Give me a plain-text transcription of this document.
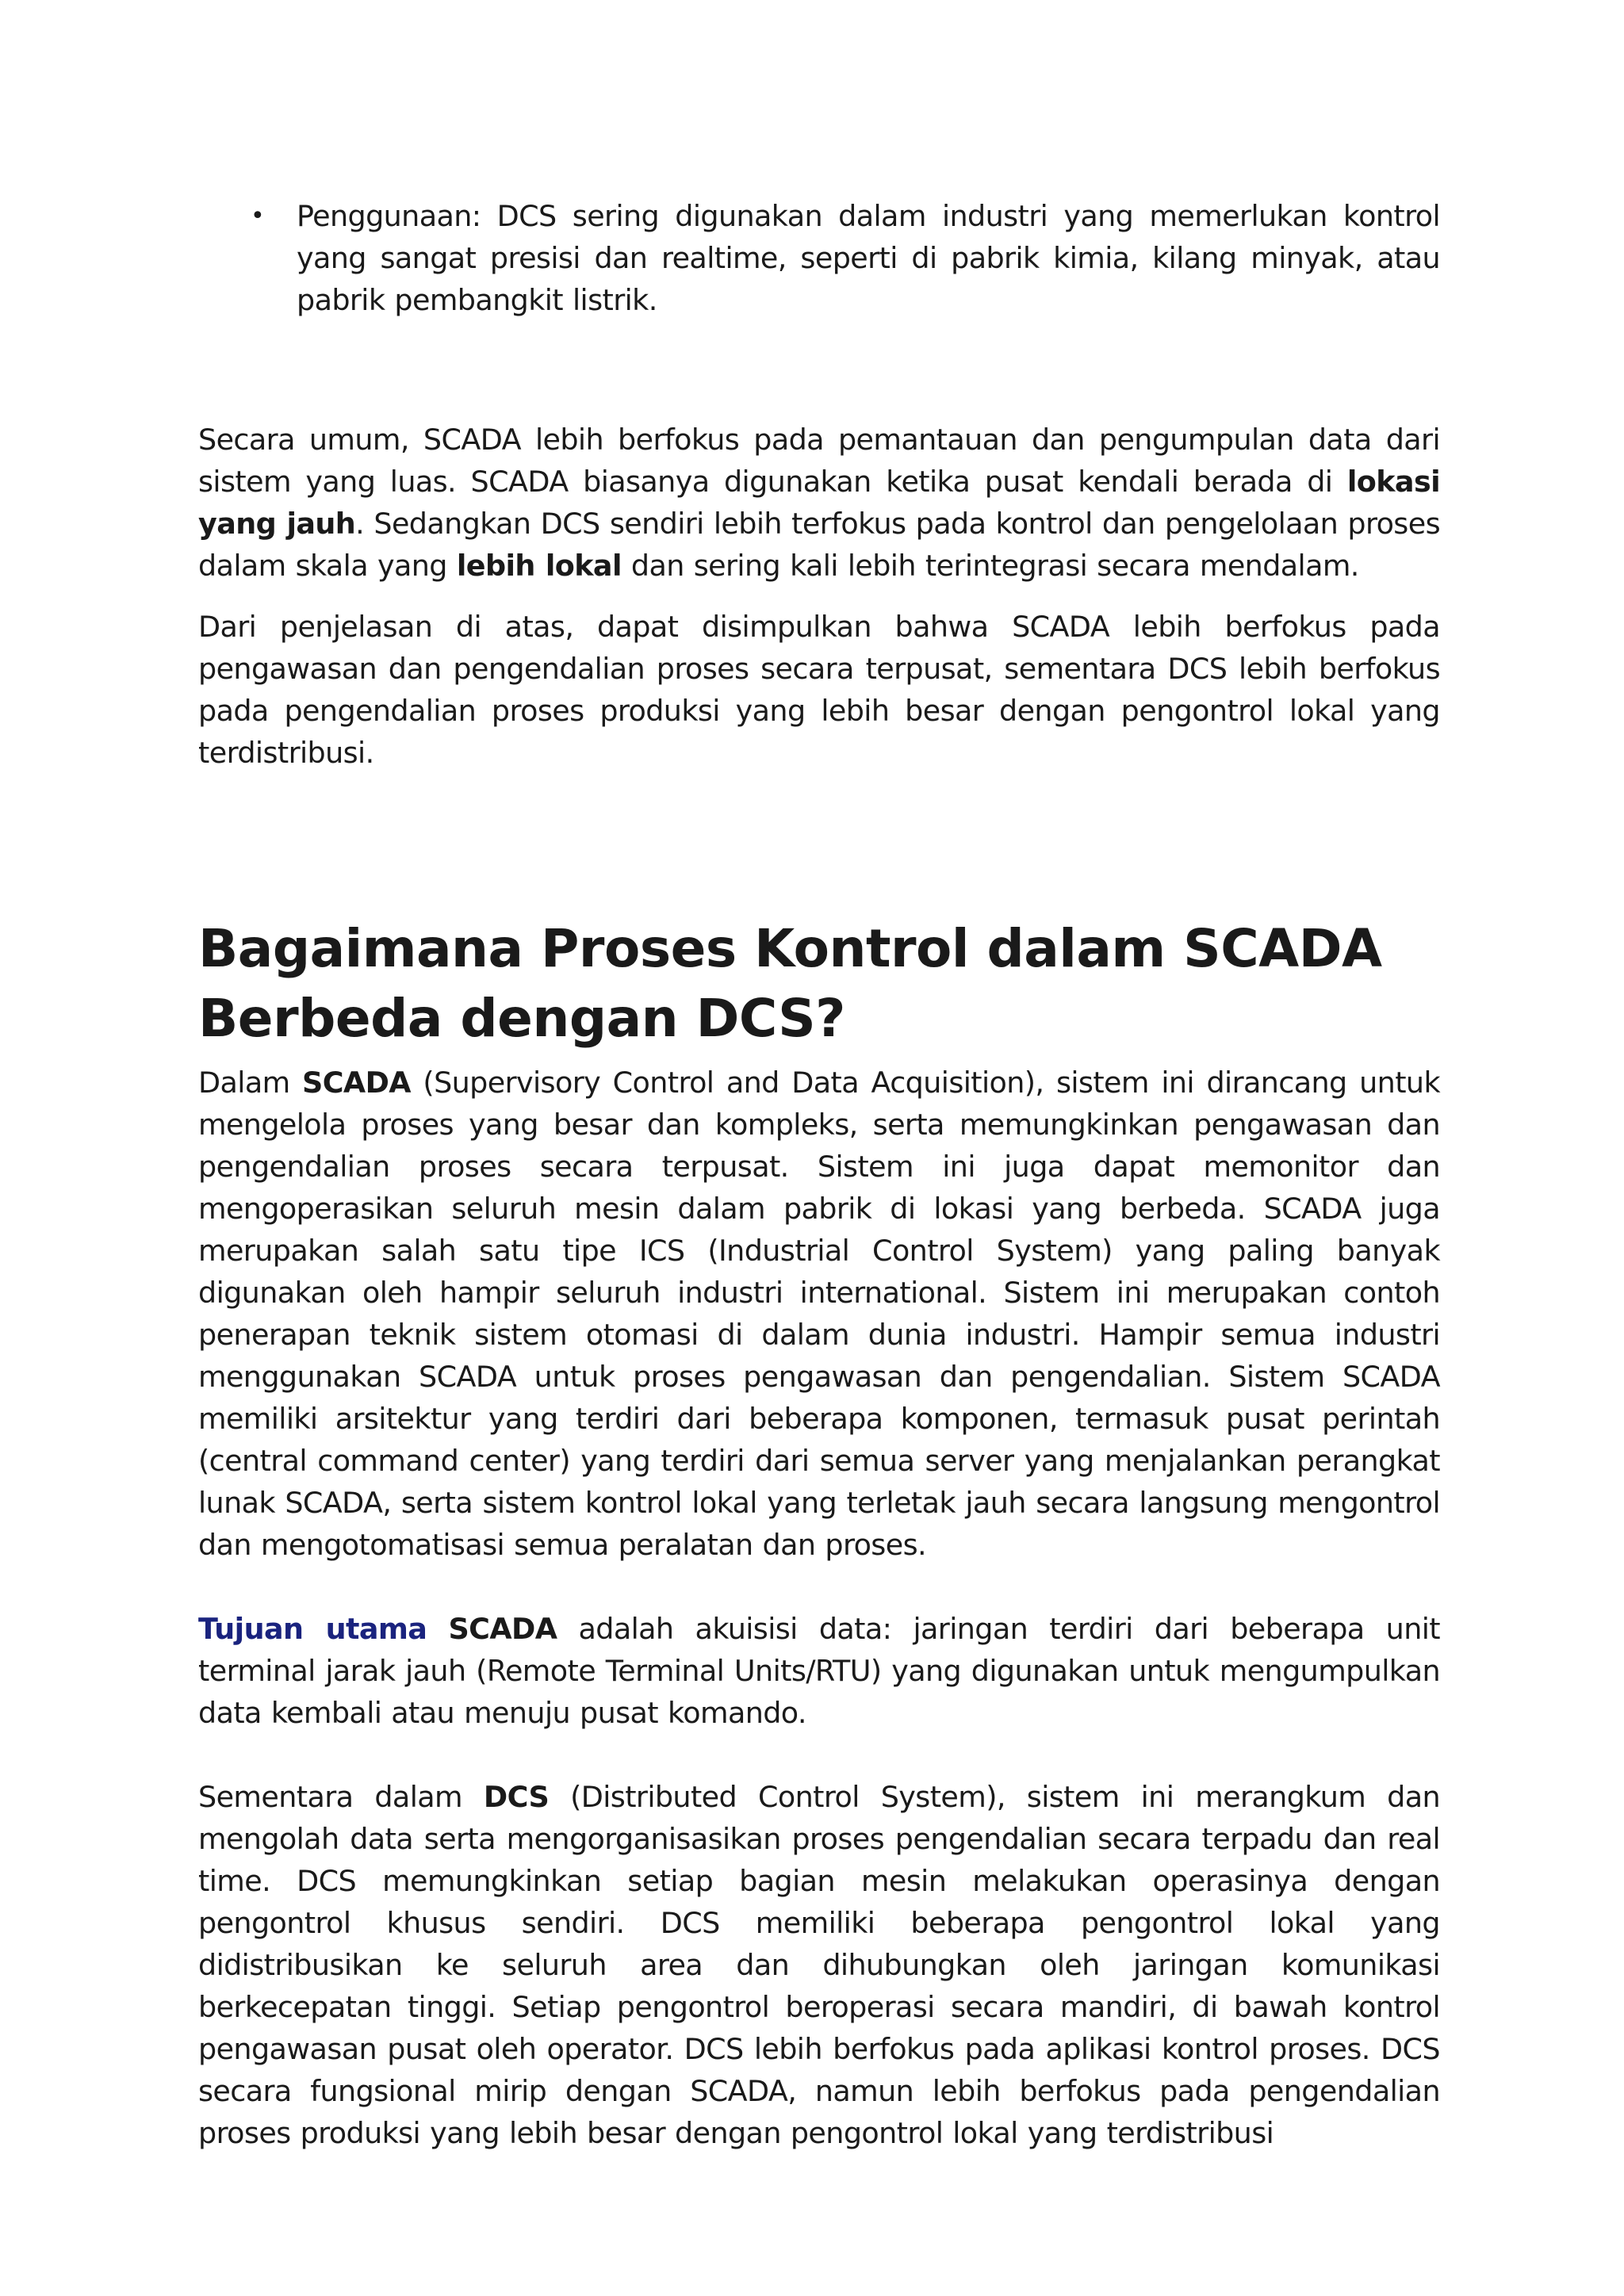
• Penggunaan: DCS sering digunakan dalam industri yang memerlukan kontrol yang sangat presisi dan realtime, seperti di pabrik kimia, kilang minyak, atau pabrik pembangkit listrik.

Secara umum, SCADA lebih berfokus pada pemantauan dan pengumpulan data dari sistem yang luas. SCADA biasanya digunakan ketika pusat kendali berada di lokasi yang jauh. Sedangkan DCS sendiri lebih terfokus pada kontrol dan pengelolaan proses dalam skala yang lebih lokal dan sering kali lebih terintegrasi secara mendalam.

Dari penjelasan di atas, dapat disimpulkan bahwa SCADA lebih berfokus pada pengawasan dan pengendalian proses secara terpusat, sementara DCS lebih berfokus pada pengendalian proses produksi yang lebih besar dengan pengontrol lokal yang terdistribusi.

Bagaimana Proses Kontrol dalam SCADA Berbeda dengan DCS?

Dalam SCADA (Supervisory Control and Data Acquisition), sistem ini dirancang untuk mengelola proses yang besar dan kompleks, serta memungkinkan pengawasan dan pengendalian proses secara terpusat. Sistem ini juga dapat memonitor dan mengoperasikan seluruh mesin dalam pabrik di lokasi yang berbeda. SCADA juga merupakan salah satu tipe ICS (Industrial Control System) yang paling banyak digunakan oleh hampir seluruh industri international. Sistem ini merupakan contoh penerapan teknik sistem otomasi di dalam dunia industri. Hampir semua industri menggunakan SCADA untuk proses pengawasan dan pengendalian. Sistem SCADA memiliki arsitektur yang terdiri dari beberapa komponen, termasuk pusat perintah (central command center) yang terdiri dari semua server yang menjalankan perangkat lunak SCADA, serta sistem kontrol lokal yang terletak jauh secara langsung mengontrol dan mengotomatisasi semua peralatan dan proses.

Tujuan utama SCADA adalah akuisisi data: jaringan terdiri dari beberapa unit terminal jarak jauh (Remote Terminal Units/RTU) yang digunakan untuk mengumpulkan data kembali atau menuju pusat komando.

Sementara dalam DCS (Distributed Control System), sistem ini merangkum dan mengolah data serta mengorganisasikan proses pengendalian secara terpadu dan real time. DCS memungkinkan setiap bagian mesin melakukan operasinya dengan pengontrol khusus sendiri. DCS memiliki beberapa pengontrol lokal yang didistribusikan ke seluruh area dan dihubungkan oleh jaringan komunikasi berkecepatan tinggi. Setiap pengontrol beroperasi secara mandiri, di bawah kontrol pengawasan pusat oleh operator. DCS lebih berfokus pada aplikasi kontrol proses. DCS secara fungsional mirip dengan SCADA, namun lebih berfokus pada pengendalian proses produksi yang lebih besar dengan pengontrol lokal yang terdistribusi
